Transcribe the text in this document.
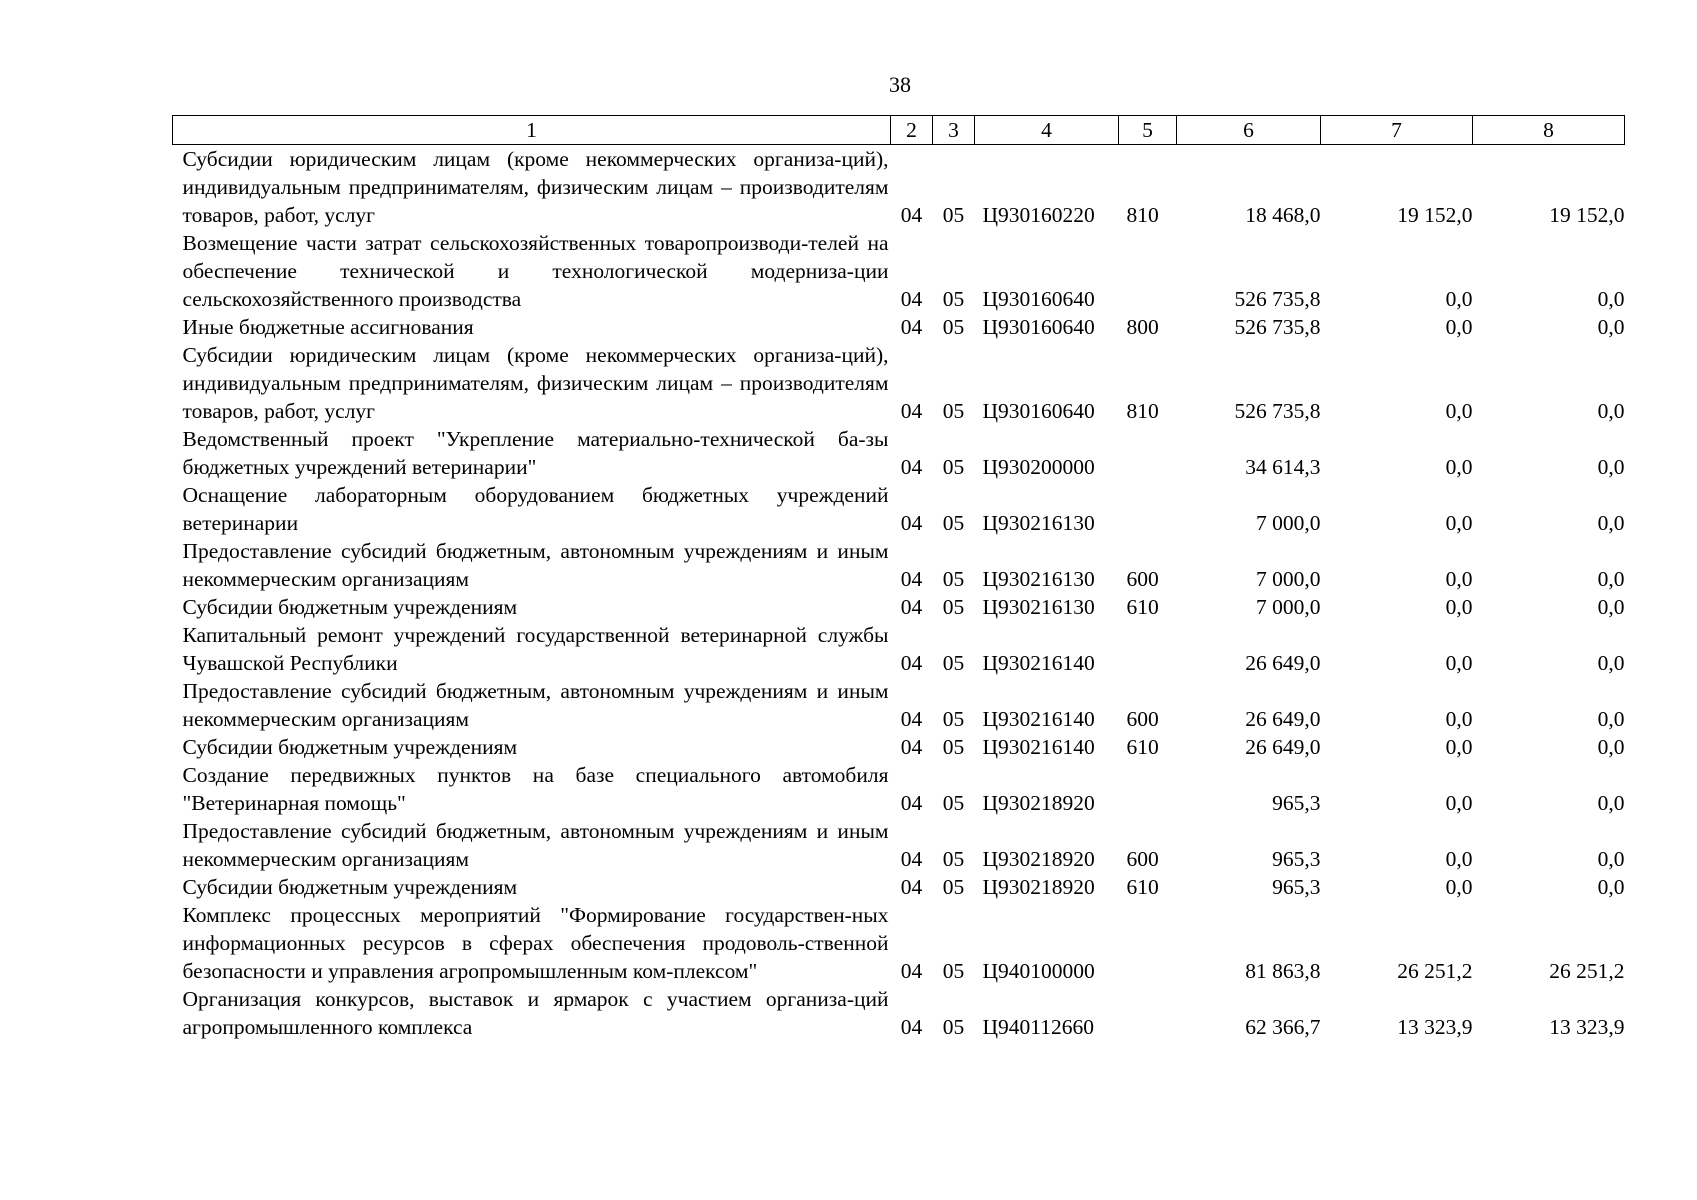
38
1	2	3	4	5	6	7	8
Субсидии юридическим лицам (кроме некоммерческих организа-ций), индивидуальным предпринимателям, физическим лицам – производителям товаров, работ, услуг	04	05	Ц930160220	810	18 468,0	19 152,0	19 152,0
Возмещение части затрат сельскохозяйственных товаропроизводи-телей на обеспечение технической и технологической модерниза-ции сельскохозяйственного производства	04	05	Ц930160640		526 735,8	0,0	0,0
Иные бюджетные ассигнования	04	05	Ц930160640	800	526 735,8	0,0	0,0
Субсидии юридическим лицам (кроме некоммерческих организа-ций), индивидуальным предпринимателям, физическим лицам – производителям товаров, работ, услуг	04	05	Ц930160640	810	526 735,8	0,0	0,0
Ведомственный проект "Укрепление материально-технической ба-зы бюджетных учреждений ветеринарии"	04	05	Ц930200000		34 614,3	0,0	0,0
Оснащение лабораторным оборудованием бюджетных учреждений ветеринарии	04	05	Ц930216130		7 000,0	0,0	0,0
Предоставление субсидий бюджетным, автономным учреждениям и иным некоммерческим организациям	04	05	Ц930216130	600	7 000,0	0,0	0,0
Субсидии бюджетным учреждениям	04	05	Ц930216130	610	7 000,0	0,0	0,0
Капитальный ремонт учреждений государственной ветеринарной службы Чувашской Республики	04	05	Ц930216140		26 649,0	0,0	0,0
Предоставление субсидий бюджетным, автономным учреждениям и иным некоммерческим организациям	04	05	Ц930216140	600	26 649,0	0,0	0,0
Субсидии бюджетным учреждениям	04	05	Ц930216140	610	26 649,0	0,0	0,0
Создание передвижных пунктов на базе специального автомобиля "Ветеринарная помощь"	04	05	Ц930218920		965,3	0,0	0,0
Предоставление субсидий бюджетным, автономным учреждениям и иным некоммерческим организациям	04	05	Ц930218920	600	965,3	0,0	0,0
Субсидии бюджетным учреждениям	04	05	Ц930218920	610	965,3	0,0	0,0
Комплекс процессных мероприятий "Формирование государствен-ных информационных ресурсов в сферах обеспечения продоволь-ственной безопасности и управления агропромышленным ком-плексом"	04	05	Ц940100000		81 863,8	26 251,2	26 251,2
Организация конкурсов, выставок и ярмарок с участием организа-ций агропромышленного комплекса	04	05	Ц940112660		62 366,7	13 323,9	13 323,9
